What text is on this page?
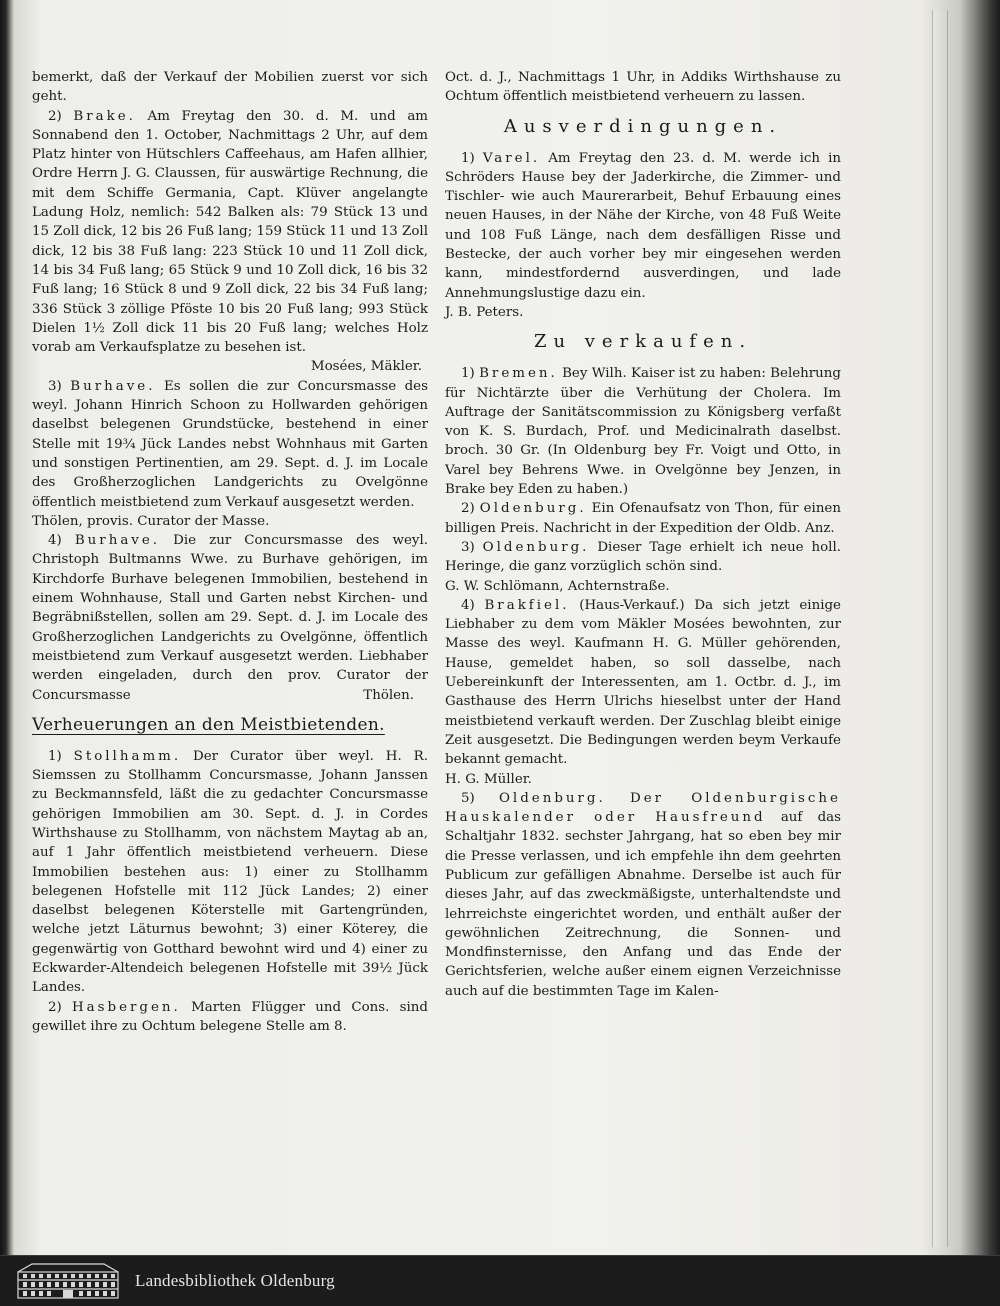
bemerkt, daß der Verkauf der Mobilien zuerst vor sich geht.

2) Brake. Am Freytag den 30. d. M. und am Sonnabend den 1. October, Nachmittags 2 Uhr, auf dem Platz hinter von Hütschlers Caffeehaus, am Hafen allhier, Ordre Herrn J. G. Claussen, für auswärtige Rechnung, die mit dem Schiffe Germania, Capt. Klüver angelangte Ladung Holz, nemlich: 542 Balken als: 79 Stück 13 und 15 Zoll dick, 12 bis 26 Fuß lang; 159 Stück 11 und 13 Zoll dick, 12 bis 38 Fuß lang: 223 Stück 10 und 11 Zoll dick, 14 bis 34 Fuß lang; 65 Stück 9 und 10 Zoll dick, 16 bis 32 Fuß lang; 16 Stück 8 und 9 Zoll dick, 22 bis 34 Fuß lang; 336 Stück 3 zöllige Pföste 10 bis 20 Fuß lang; 993 Stück Dielen 1½ Zoll dick 11 bis 20 Fuß lang; welches Holz vorab am Verkaufsplatze zu besehen ist.
Mosées, Mäkler.

3) Burhave. Es sollen die zur Concursmasse des weyl. Johann Hinrich Schoon zu Hollwarden gehörigen daselbst belegenen Grundstücke, bestehend in einer Stelle mit 19¾ Jück Landes nebst Wohnhaus mit Garten und sonstigen Pertinentien, am 29. Sept. d. J. im Locale des Großherzoglichen Landgerichts zu Ovelgönne öffentlich meistbietend zum Verkauf ausgesetzt werden.

Thölen, provis. Curator der Masse.

4) Burhave. Die zur Concursmasse des weyl. Christoph Bultmanns Wwe. zu Burhave gehörigen, im Kirchdorfe Burhave belegenen Immobilien, bestehend in einem Wohnhause, Stall und Garten nebst Kirchen- und Begräbnißstellen, sollen am 29. Sept. d. J. im Locale des Großherzoglichen Landgerichts zu Ovelgönne, öffentlich meistbietend zum Verkauf ausgesetzt werden. Liebhaber werden eingeladen, durch den prov. Curator der Concursmasse	Thölen.

Verheuerungen an den Meistbietenden.

1) Stollhamm. Der Curator über weyl. H. R. Siemssen zu Stollhamm Concursmasse, Johann Janssen zu Beckmannsfeld, läßt die zu gedachter Concursmasse gehörigen Immobilien am 30. Sept. d. J. in Cordes Wirthshause zu Stollhamm, von nächstem Maytag ab an, auf 1 Jahr öffentlich meistbietend verheuern. Diese Immobilien bestehen aus: 1) einer zu Stollhamm belegenen Hofstelle mit 112 Jück Landes; 2) einer daselbst belegenen Köterstelle mit Gartengründen, welche jetzt Läturnus bewohnt; 3) einer Köterey, die gegenwärtig von Gotthard bewohnt wird und 4) einer zu Eckwarder-Altendeich belegenen Hofstelle mit 39½ Jück Landes.

2) Hasbergen. Marten Flügger und Cons. sind gewillet ihre zu Ochtum belegene Stelle am 8.

Oct. d. J., Nachmittags 1 Uhr, in Addiks Wirthshause zu Ochtum öffentlich meistbietend verheuern zu lassen.

Ausverdingungen.

1) Varel. Am Freytag den 23. d. M. werde ich in Schröders Hause bey der Jaderkirche, die Zimmer- und Tischler- wie auch Maurerarbeit, Behuf Erbauung eines neuen Hauses, in der Nähe der Kirche, von 48 Fuß Weite und 108 Fuß Länge, nach dem desfälligen Risse und Bestecke, der auch vorher bey mir eingesehen werden kann, mindestfordernd ausverdingen, und lade Annehmungslustige dazu ein.

J. B. Peters.

Zu verkaufen.

1) Bremen. Bey Wilh. Kaiser ist zu haben: Belehrung für Nichtärzte über die Verhütung der Cholera. Im Auftrage der Sanitätscommission zu Königsberg verfaßt von K. S. Burdach, Prof. und Medicinalrath daselbst. broch. 30 Gr. (In Oldenburg bey Fr. Voigt und Otto, in Varel bey Behrens Wwe. in Ovelgönne bey Jenzen, in Brake bey Eden zu haben.)

2) Oldenburg. Ein Ofenaufsatz von Thon, für einen billigen Preis. Nachricht in der Expedition der Oldb. Anz.

3) Oldenburg. Dieser Tage erhielt ich neue holl. Heringe, die ganz vorzüglich schön sind.

G. W. Schlömann, Achternstraße.

4) Brakfiel. (Haus-Verkauf.) Da sich jetzt einige Liebhaber zu dem vom Mäkler Mosées bewohnten, zur Masse des weyl. Kaufmann H. G. Müller gehörenden, Hause, gemeldet haben, so soll dasselbe, nach Uebereinkunft der Interessenten, am 1. Octbr. d. J., im Gasthause des Herrn Ulrichs hieselbst unter der Hand meistbietend verkauft werden. Der Zuschlag bleibt einige Zeit ausgesetzt. Die Bedingungen werden beym Verkaufe bekannt gemacht.

H. G. Müller.

5) Oldenburg. Der Oldenburgische Hauskalender oder Hausfreund auf das Schaltjahr 1832. sechster Jahrgang, hat so eben bey mir die Presse verlassen, und ich empfehle ihn dem geehrten Publicum zur gefälligen Abnahme. Derselbe ist auch für dieses Jahr, auf das zweckmäßigste, unterhaltendste und lehrreichste eingerichtet worden, und enthält außer der gewöhnlichen Zeitrechnung, die Sonnen- und Mondfinsternisse, den Anfang und das Ende der Gerichtsferien, welche außer einem eignen Verzeichnisse auch auf die bestimmten Tage im Kalen-

Landesbibliothek Oldenburg
